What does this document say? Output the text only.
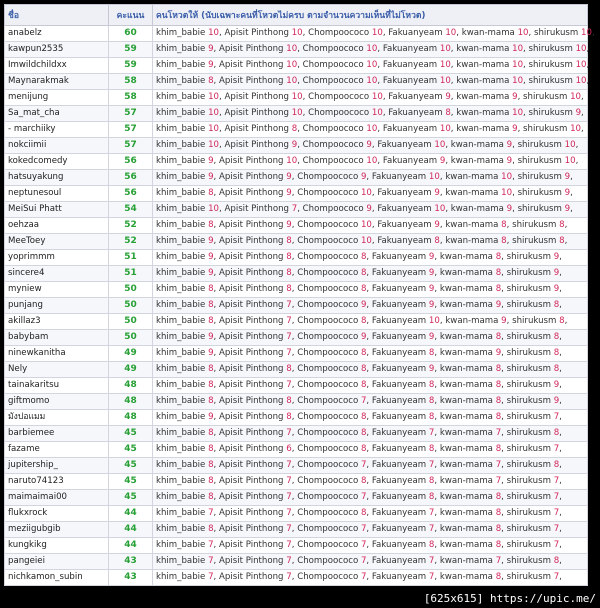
ชื่อ	คะแนน	คนโหวตให้ (นับเฉพาะคนที่โหวตไม่ครบ ตามจำนวนความเห็นที่ไม่โหวต)
anabelz	60	khim_babie 10, Apisit Pinthong 10, Chompoococo 10, Fakuanyeam 10, kwan-mama 10, shirukusm 10,
kawpun2535	59	khim_babie 9, Apisit Pinthong 10, Chompoococo 10, Fakuanyeam 10, kwan-mama 10, shirukusm 10,
Imwildchildxx	59	khim_babie 9, Apisit Pinthong 10, Chompoococo 10, Fakuanyeam 10, kwan-mama 10, shirukusm 10,
Maynarakmak	58	khim_babie 8, Apisit Pinthong 10, Chompoococo 10, Fakuanyeam 10, kwan-mama 10, shirukusm 10,
menijung	58	khim_babie 10, Apisit Pinthong 10, Chompoococo 10, Fakuanyeam 9, kwan-mama 9, shirukusm 10,
Sa_mat_cha	57	khim_babie 10, Apisit Pinthong 10, Chompoococo 10, Fakuanyeam 8, kwan-mama 10, shirukusm 9,
- marchiiky	57	khim_babie 10, Apisit Pinthong 8, Chompoococo 10, Fakuanyeam 10, kwan-mama 9, shirukusm 10,
nokciimii	57	khim_babie 10, Apisit Pinthong 9, Chompoococo 9, Fakuanyeam 10, kwan-mama 9, shirukusm 10,
kokedcomedy	56	khim_babie 9, Apisit Pinthong 10, Chompoococo 10, Fakuanyeam 9, kwan-mama 9, shirukusm 10,
hatsuyakung	56	khim_babie 9, Apisit Pinthong 9, Chompoococo 9, Fakuanyeam 10, kwan-mama 10, shirukusm 9,
neptunesoul	56	khim_babie 8, Apisit Pinthong 9, Chompoococo 10, Fakuanyeam 9, kwan-mama 10, shirukusm 9,
MeiSui Phatt	54	khim_babie 10, Apisit Pinthong 7, Chompoococo 9, Fakuanyeam 10, kwan-mama 9, shirukusm 9,
oehzaa	52	khim_babie 8, Apisit Pinthong 9, Chompoococo 10, Fakuanyeam 9, kwan-mama 8, shirukusm 8,
MeeToey	52	khim_babie 9, Apisit Pinthong 8, Chompoococo 10, Fakuanyeam 8, kwan-mama 8, shirukusm 8,
yoprimmm	51	khim_babie 9, Apisit Pinthong 8, Chompoococo 8, Fakuanyeam 9, kwan-mama 8, shirukusm 9,
sincere4	51	khim_babie 9, Apisit Pinthong 8, Chompoococo 8, Fakuanyeam 9, kwan-mama 8, shirukusm 9,
myniew	50	khim_babie 8, Apisit Pinthong 8, Chompoococo 8, Fakuanyeam 9, kwan-mama 8, shirukusm 9,
punjang	50	khim_babie 8, Apisit Pinthong 7, Chompoococo 9, Fakuanyeam 9, kwan-mama 9, shirukusm 8,
akillaz3	50	khim_babie 8, Apisit Pinthong 7, Chompoococo 8, Fakuanyeam 10, kwan-mama 9, shirukusm 8,
babybam	50	khim_babie 9, Apisit Pinthong 7, Chompoococo 9, Fakuanyeam 9, kwan-mama 8, shirukusm 8,
ninewkanitha	49	khim_babie 9, Apisit Pinthong 7, Chompoococo 8, Fakuanyeam 8, kwan-mama 9, shirukusm 8,
Nely	49	khim_babie 8, Apisit Pinthong 8, Chompoococo 8, Fakuanyeam 9, kwan-mama 8, shirukusm 8,
tainakaritsu	48	khim_babie 8, Apisit Pinthong 7, Chompoococo 8, Fakuanyeam 8, kwan-mama 8, shirukusm 9,
giftmomo	48	khim_babie 8, Apisit Pinthong 8, Chompoococo 7, Fakuanyeam 8, kwan-mama 8, shirukusm 9,
มังปอแมม	48	khim_babie 9, Apisit Pinthong 8, Chompoococo 8, Fakuanyeam 8, kwan-mama 8, shirukusm 7,
barbiemee	45	khim_babie 8, Apisit Pinthong 7, Chompoococo 8, Fakuanyeam 7, kwan-mama 7, shirukusm 8,
fazame	45	khim_babie 8, Apisit Pinthong 6, Chompoococo 8, Fakuanyeam 8, kwan-mama 8, shirukusm 7,
jupitership_	45	khim_babie 8, Apisit Pinthong 7, Chompoococo 7, Fakuanyeam 7, kwan-mama 7, shirukusm 8,
naruto74123	45	khim_babie 8, Apisit Pinthong 7, Chompoococo 8, Fakuanyeam 8, kwan-mama 7, shirukusm 7,
maimaimai00	45	khim_babie 8, Apisit Pinthong 7, Chompoococo 7, Fakuanyeam 8, kwan-mama 8, shirukusm 7,
flukxrock	44	khim_babie 7, Apisit Pinthong 7, Chompoococo 8, Fakuanyeam 7, kwan-mama 8, shirukusm 7,
meziigubgib	44	khim_babie 8, Apisit Pinthong 7, Chompoococo 7, Fakuanyeam 7, kwan-mama 8, shirukusm 7,
kungkikg	44	khim_babie 7, Apisit Pinthong 7, Chompoococo 7, Fakuanyeam 8, kwan-mama 8, shirukusm 7,
pangeiei	43	khim_babie 7, Apisit Pinthong 7, Chompoococo 7, Fakuanyeam 7, kwan-mama 7, shirukusm 8,
nichkamon_subin	43	khim_babie 7, Apisit Pinthong 7, Chompoococo 7, Fakuanyeam 7, kwan-mama 8, shirukusm 7,
[625x615] https://upic.me/
